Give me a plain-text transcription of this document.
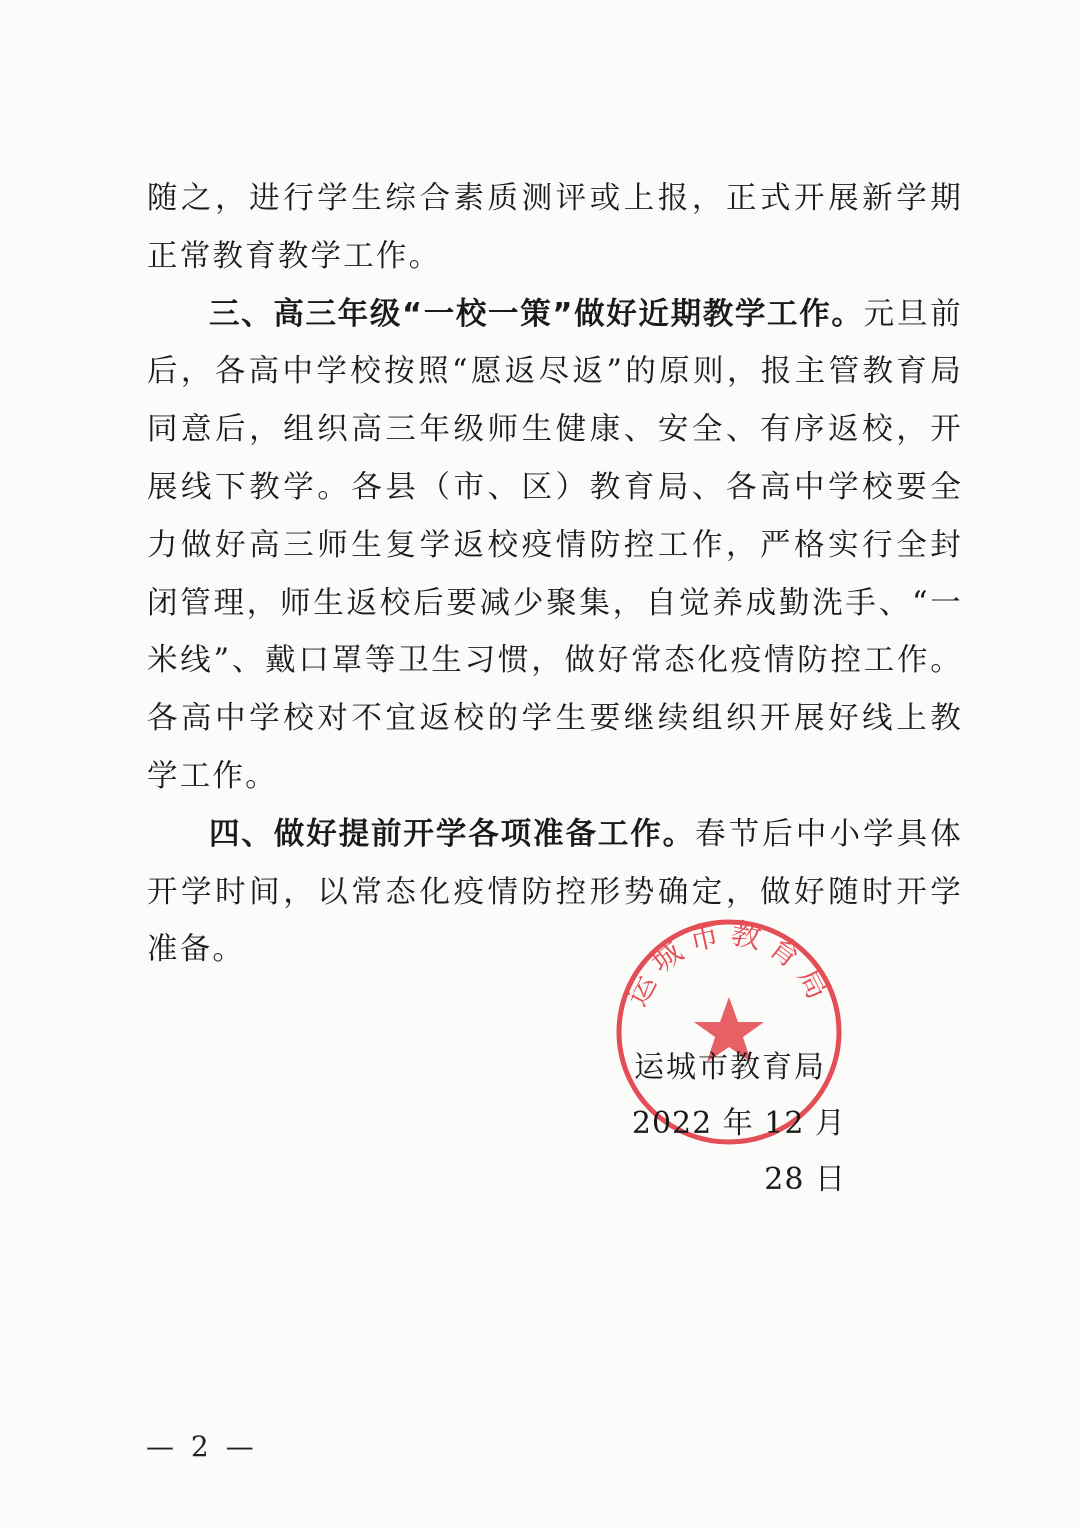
随之，进行学生综合素质测评或上报，正式开展新学期正常教育教学工作。

三、高三年级“一校一策”做好近期教学工作。元旦前后，各高中学校按照“愿返尽返”的原则，报主管教育局同意后，组织高三年级师生健康、安全、有序返校，开展线下教学。各县（市、区）教育局、各高中学校要全力做好高三师生复学返校疫情防控工作，严格实行全封闭管理，师生返校后要减少聚集，自觉养成勤洗手、“一米线”、戴口罩等卫生习惯，做好常态化疫情防控工作。各高中学校对不宜返校的学生要继续组织开展好线上教学工作。

四、做好提前开学各项准备工作。春节后中小学具体开学时间，以常态化疫情防控形势确定，做好随时开学准备。

运城市教育局
运城市教育局
2022 年 12 月 28 日
— 2 —
